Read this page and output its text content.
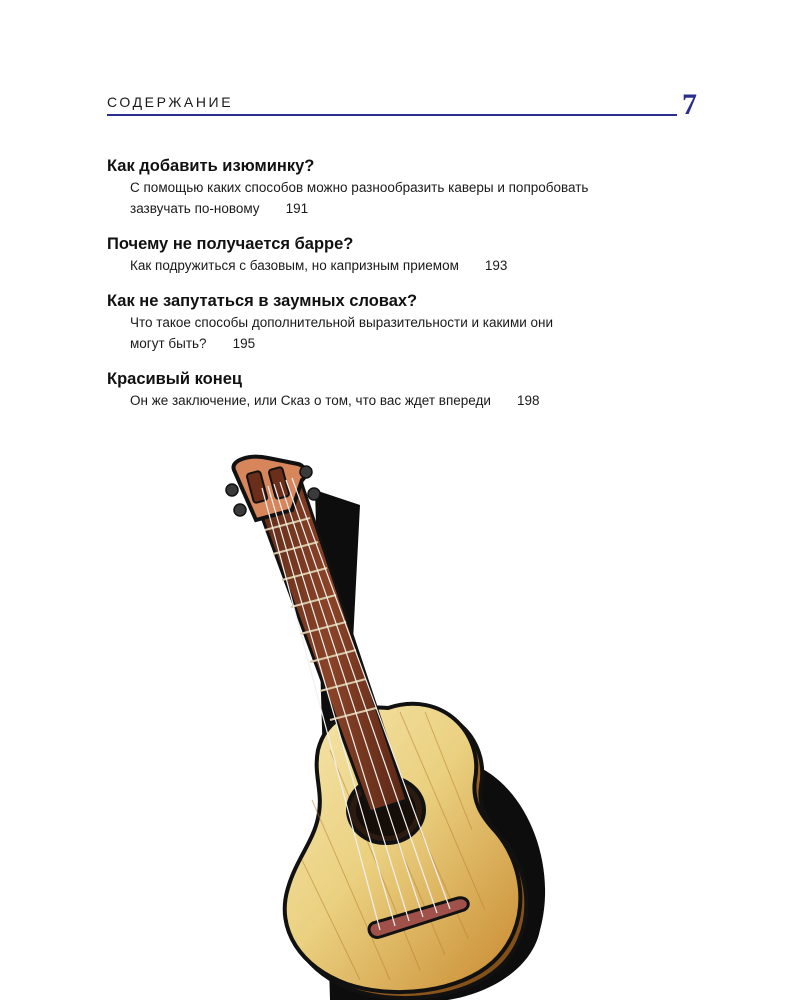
СОДЕРЖАНИЕ	7
Как добавить изюминку?
С помощью каких способов можно разнообразить каверы и попробовать зазвучать по-новому 191
Почему не получается барре?
Как подружиться с базовым, но капризным приемом 193
Как не запутаться в заумных словах?
Что такое способы дополнительной выразительности и какими они могут быть? 195
Красивый конец
Он же заключение, или Сказ о том, что вас ждет впереди 198
